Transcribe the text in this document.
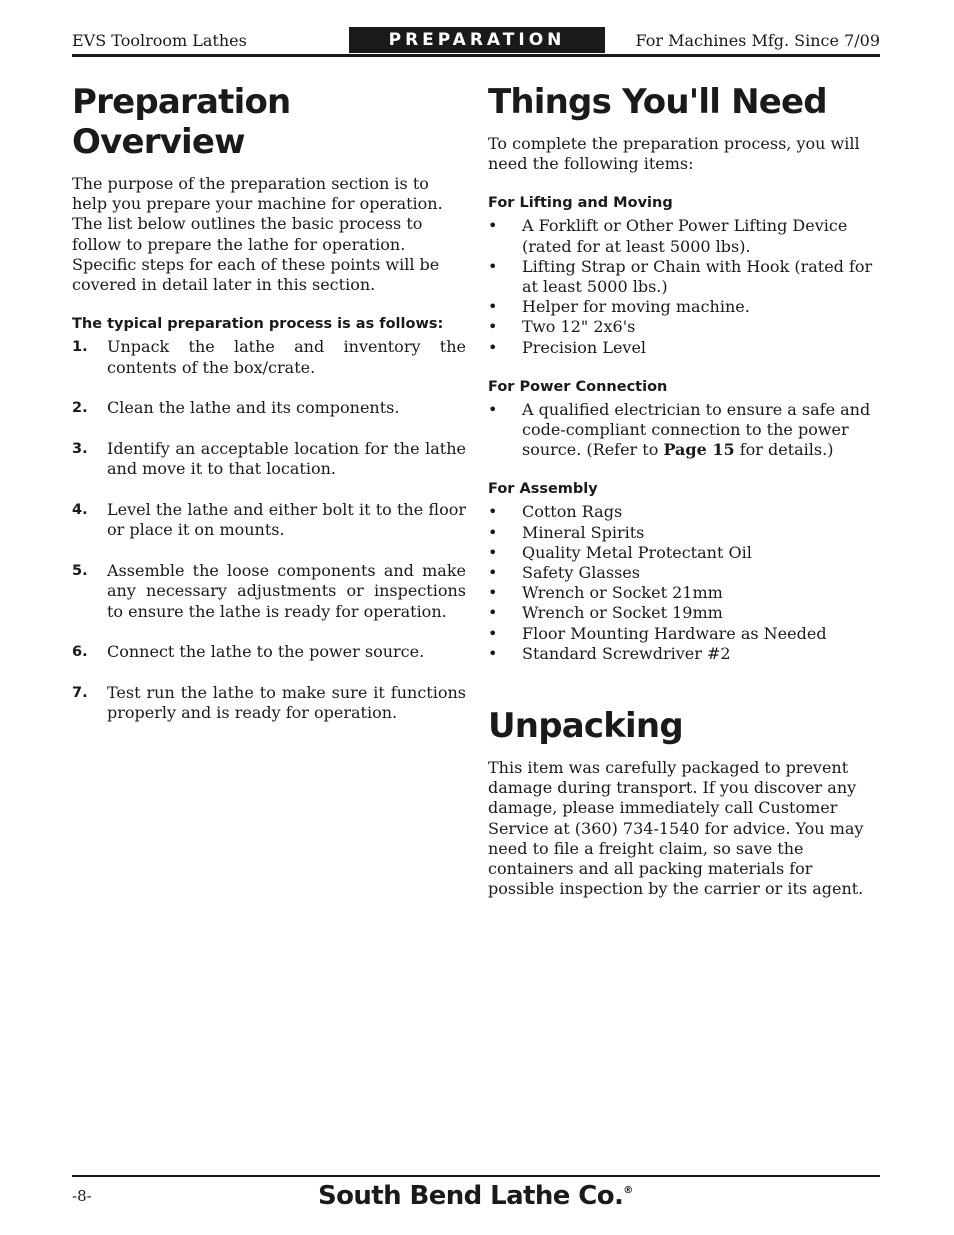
EVS Toolroom Lathes	PREPARATION	For Machines Mfg. Since 7/09
Preparation Overview

The purpose of the preparation section is to help you prepare your machine for operation. The list below outlines the basic process to follow to prepare the lathe for operation. Specific steps for each of these points will be covered in detail later in this section.

The typical preparation process is as follows:
1.	Unpack the lathe and inventory the contents of the box/crate.
2.	Clean the lathe and its components.
3.	Identify an acceptable location for the lathe and move it to that location.
4.	Level the lathe and either bolt it to the floor or place it on mounts.
5.	Assemble the loose components and make any necessary adjustments or inspections to ensure the lathe is ready for operation.
6.	Connect the lathe to the power source.
7.	Test run the lathe to make sure it functions properly and is ready for operation.
Things You'll Need

To complete the preparation process, you will need the following items:

For Lifting and Moving
•	A Forklift or Other Power Lifting Device (rated for at least 5000 lbs).
•	Lifting Strap or Chain with Hook (rated for at least 5000 lbs.)
•	Helper for moving machine.
•	Two 12" 2x6's
•	Precision Level
For Power Connection
•	A qualified electrician to ensure a safe and code-compliant connection to the power source. (Refer to Page 15 for details.)
For Assembly
•	Cotton Rags
•	Mineral Spirits
•	Quality Metal Protectant Oil
•	Safety Glasses
•	Wrench or Socket 21mm
•	Wrench or Socket 19mm
•	Floor Mounting Hardware as Needed
•	Standard Screwdriver #2
Unpacking

This item was carefully packaged to prevent damage during transport. If you discover any damage, please immediately call Customer Service at (360) 734-1540 for advice. You may need to file a freight claim, so save the containers and all packing materials for possible inspection by the carrier or its agent.

-8-	South Bend Lathe Co.®
